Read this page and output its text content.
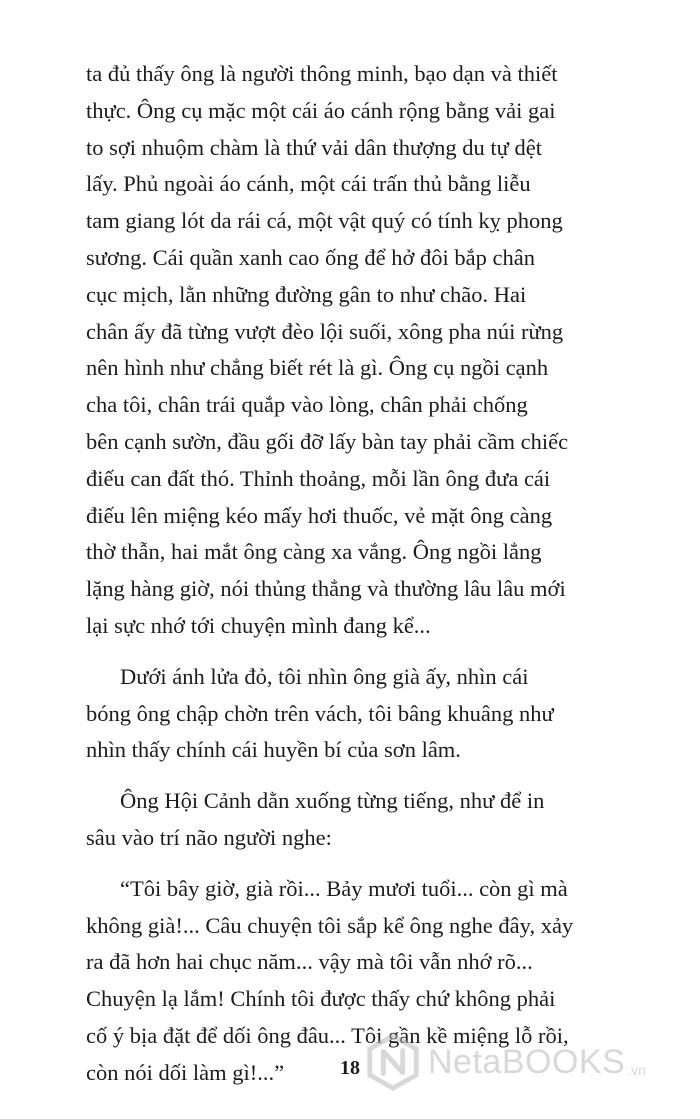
ta đủ thấy ông là người thông minh, bạo dạn và thiết
thực. Ông cụ mặc một cái áo cánh rộng bằng vải gai
to sợi nhuộm chàm là thứ vải dân thượng du tự dệt
lấy. Phủ ngoài áo cánh, một cái trấn thủ bằng liễu
tam giang lót da rái cá, một vật quý có tính kỵ phong
sương. Cái quần xanh cao ống để hở đôi bắp chân
cục mịch, lằn những đường gân to như chão. Hai
chân ấy đã từng vượt đèo lội suối, xông pha núi rừng
nên hình như chẳng biết rét là gì. Ông cụ ngồi cạnh
cha tôi, chân trái quắp vào lòng, chân phải chống
bên cạnh sườn, đầu gối đỡ lấy bàn tay phải cầm chiếc
điếu can đất thó. Thỉnh thoảng, mỗi lần ông đưa cái
điếu lên miệng kéo mấy hơi thuốc, vẻ mặt ông càng
thờ thẫn, hai mắt ông càng xa vắng. Ông ngồi lẳng
lặng hàng giờ, nói thủng thẳng và thường lâu lâu mới
lại sực nhớ tới chuyện mình đang kể...

Dưới ánh lửa đỏ, tôi nhìn ông già ấy, nhìn cái
bóng ông chập chờn trên vách, tôi bâng khuâng như
nhìn thấy chính cái huyền bí của sơn lâm.

Ông Hội Cảnh dằn xuống từng tiếng, như để in
sâu vào trí não người nghe:

“Tôi bây giờ, già rồi... Bảy mươi tuổi... còn gì mà
không già!... Câu chuyện tôi sắp kể ông nghe đây, xảy
ra đã hơn hai chục năm... vậy mà tôi vẫn nhớ rõ...
Chuyện lạ lắm! Chính tôi được thấy chứ không phải
cố ý bịa đặt để dối ông đâu... Tôi gần kề miệng lỗ rồi,
còn nói dối làm gì!...”	18	NetaBOOKS .vn
